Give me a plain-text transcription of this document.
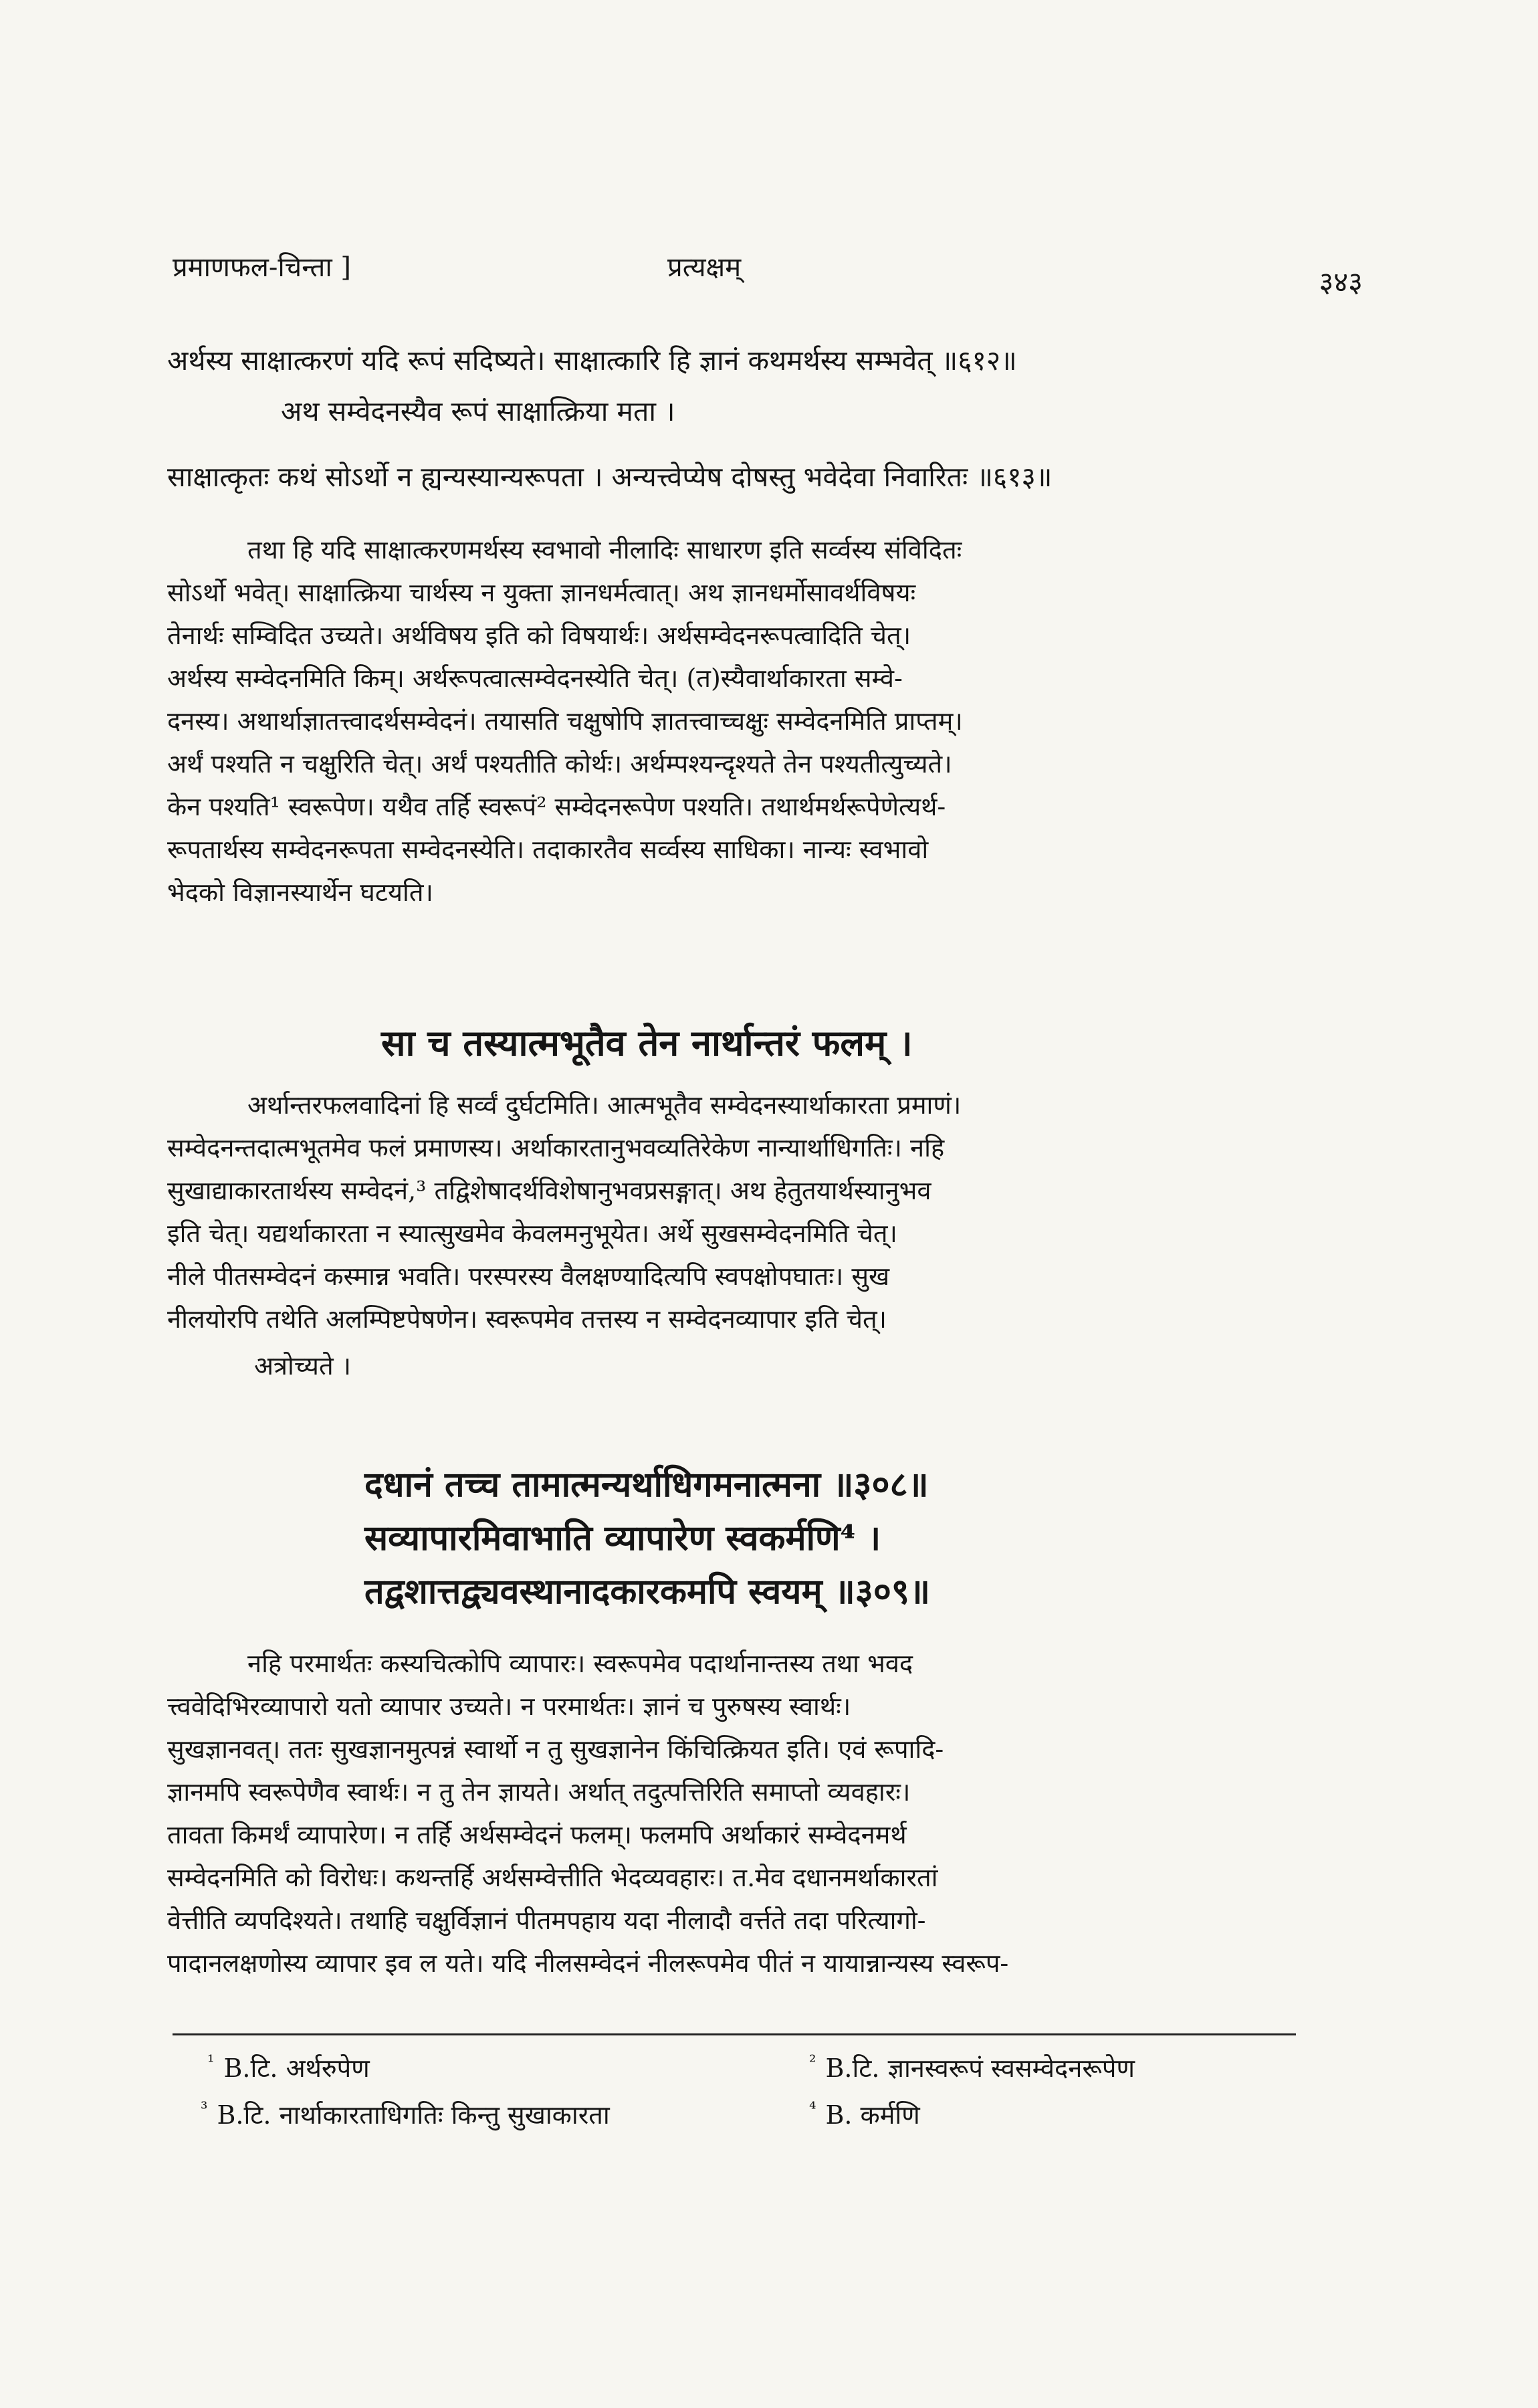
प्रमाणफल-चिन्ता ]	प्रत्यक्षम्	३४३
अर्थस्य साक्षात्करणं यदि रूपं सदिष्यते। साक्षात्कारि हि ज्ञानं कथमर्थस्य सम्भवेत् ॥६१२॥
अथ सम्वेदनस्यैव रूपं साक्षात्क्रिया मता ।
साक्षात्कृतः कथं सोऽर्थो न ह्यन्यस्यान्यरूपता । अन्यत्त्वेप्येष दोषस्तु भवेदेवा निवारितः ॥६१३॥
तथा हि यदि साक्षात्करणमर्थस्य स्वभावो नीलादिः साधारण इति सर्व्वस्य संविदितः
सोऽर्थो भवेत्। साक्षात्क्रिया चार्थस्य न युक्ता ज्ञानधर्मत्वात्। अथ ज्ञानधर्मोसावर्थविषयः
तेनार्थः सम्विदित उच्यते। अर्थविषय इति को विषयार्थः। अर्थसम्वेदनरूपत्वादिति चेत्।
अर्थस्य सम्वेदनमिति किम्। अर्थरूपत्वात्सम्वेदनस्येति चेत्। (त)स्यैवार्थाकारता सम्वे-
दनस्य। अथार्थाज्ञातत्त्वादर्थसम्वेदनं। तयासति चक्षुषोपि ज्ञातत्त्वाच्चक्षुः सम्वेदनमिति प्राप्तम्।
अर्थं पश्यति न चक्षुरिति चेत्। अर्थं पश्यतीति कोर्थः। अर्थम्पश्यन्दृश्यते तेन पश्यतीत्युच्यते।
केन पश्यति¹ स्वरूपेण। यथैव तर्हि स्वरूपं² सम्वेदनरूपेण पश्यति। तथार्थमर्थरूपेणेत्यर्थ-
रूपतार्थस्य सम्वेदनरूपता सम्वेदनस्येति। तदाकारतैव सर्व्वस्य साधिका। नान्यः स्वभावो
भेदको विज्ञानस्यार्थेन घटयति।
सा च तस्यात्मभूतैव तेन नार्थान्तरं फलम् ।
अर्थान्तरफलवादिनां हि सर्व्वं दुर्घटमिति। आत्मभूतैव सम्वेदनस्यार्थाकारता प्रमाणं।
सम्वेदनन्तदात्मभूतमेव फलं प्रमाणस्य। अर्थाकारतानुभवव्यतिरेकेण नान्यार्थाधिगतिः। नहि
सुखाद्याकारतार्थस्य सम्वेदनं,³ तद्विशेषादर्थविशेषानुभवप्रसङ्गात्। अथ हेतुतयार्थस्यानुभव
इति चेत्। यद्यर्थाकारता न स्यात्सुखमेव केवलमनुभूयेत। अर्थे सुखसम्वेदनमिति चेत्।
नीले पीतसम्वेदनं कस्मान्न भवति। परस्परस्य वैलक्षण्यादित्यपि स्वपक्षोपघातः। सुख
नीलयोरपि तथेति अलम्पिष्टपेषणेन। स्वरूपमेव तत्तस्य न सम्वेदनव्यापार इति चेत्।
अत्रोच्यते ।
दधानं तच्च तामात्मन्यर्थाधिगमनात्मना ॥३०८॥
सव्यापारमिवाभाति व्यापारेण स्वकर्मणि⁴ ।
तद्वशात्तद्व्यवस्थानादकारकमपि स्वयम् ॥३०९॥
नहि परमार्थतः कस्यचित्कोपि व्यापारः। स्वरूपमेव पदार्थानान्तस्य तथा भवद
त्त्ववेदिभिरव्यापारो यतो व्यापार उच्यते। न परमार्थतः। ज्ञानं च पुरुषस्य स्वार्थः।
सुखज्ञानवत्। ततः सुखज्ञानमुत्पन्नं स्वार्थो न तु सुखज्ञानेन किंचित्क्रियत इति। एवं रूपादि-
ज्ञानमपि स्वरूपेणैव स्वार्थः। न तु तेन ज्ञायते। अर्थात् तदुत्पत्तिरिति समाप्तो व्यवहारः।
तावता किमर्थं व्यापारेण। न तर्हि अर्थसम्वेदनं फलम्। फलमपि अर्थाकारं सम्वेदनमर्थ
सम्वेदनमिति को विरोधः। कथन्तर्हि अर्थसम्वेत्तीति भेदव्यवहारः। त.मेव दधानमर्थाकारतां
वेत्तीति व्यपदिश्यते। तथाहि चक्षुर्विज्ञानं पीतमपहाय यदा नीलादौ वर्त्तते तदा परित्यागो-
पादानलक्षणोस्य व्यापार इव ल यते। यदि नीलसम्वेदनं नीलरूपमेव पीतं न यायान्नान्यस्य स्वरूप-
$^{^1}$ B.टि. अर्थरुपेण	$^{^2}$ B.टि. ज्ञानस्वरूपं स्वसम्वेदनरूपेण
$^{^3}$ B.टि. नार्थाकारताधिगतिः किन्तु सुखाकारता	$^{^4}$ B. कर्मणि
